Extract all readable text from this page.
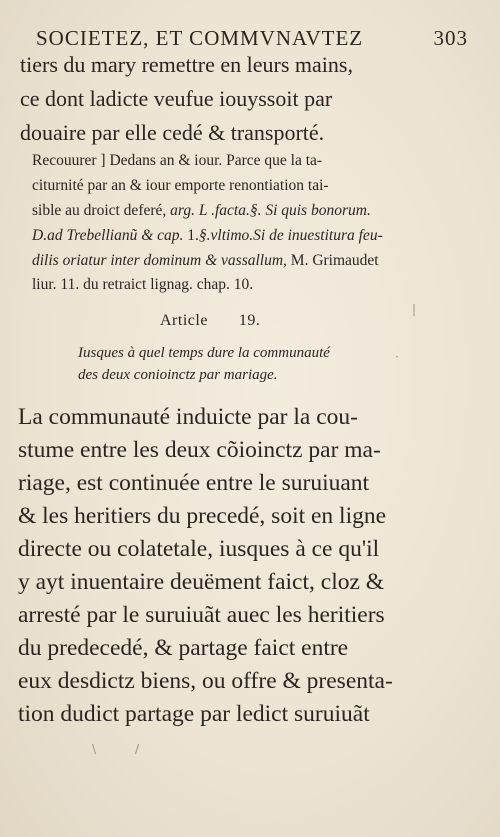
SOCIETEZ, ET COMMVNAVTEZ	303
tiers du mary remettre en leurs mains,
ce dont ladicte veufue iouyssoit par
douaire par elle cedé & transporté.
Recouurer ] Dedans an & iour. Parce que la ta-
citurnité par an & iour emporte renontiation tai-
sible au droict deferé, arg. L .facta.§. Si quis bonorum.
D.ad Trebellianũ & cap. 1.§.vltimo.Si de inuestitura feu-
dilis oriatur inter dominum & vassallum, M. Grimaudet
liur. 11. du retraict lignag. chap. 10.
Article 19.
Iusques à quel temps dure la communauté
des deux conioinctz par mariage.
La communauté induicte par la cou-
stume entre les deux cõioinctz par ma-
riage, est continuée entre le suruiuant
& les heritiers du precedé, soit en ligne
directe ou colatetale, iusques à ce qu'il
y ayt inuentaire deuëment faict, cloz &
arresté par le suruiuãt auec les heritiers
du predecedé, & partage faict entre
eux desdictz biens, ou offre & presenta-
tion dudict partage par ledict suruiuãt
·
|
\	/
